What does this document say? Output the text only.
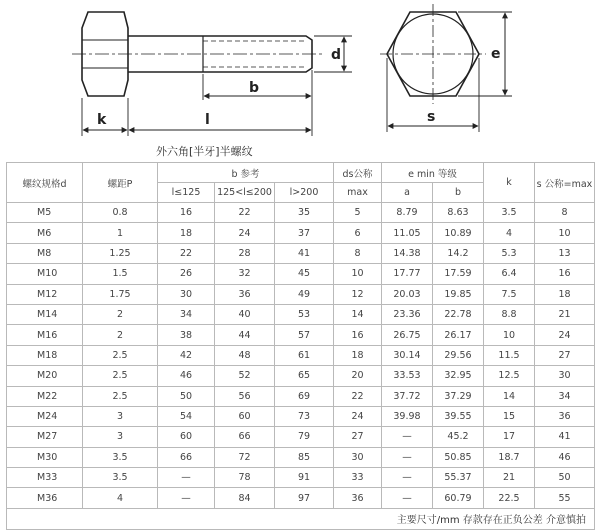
d
b
l
k
e
s
外六角[半牙]半螺纹
螺纹规格d	螺距P	b 参考			ds公称	e min 等级		k	s 公称=max
		l≤125	125<l≤200	l>200	max	a	b		
M5	0.8	16	22	35	5	8.79	8.63	3.5	8
M6	1	18	24	37	6	11.05	10.89	4	10
M8	1.25	22	28	41	8	14.38	14.2	5.3	13
M10	1.5	26	32	45	10	17.77	17.59	6.4	16
M12	1.75	30	36	49	12	20.03	19.85	7.5	18
M14	2	34	40	53	14	23.36	22.78	8.8	21
M16	2	38	44	57	16	26.75	26.17	10	24
M18	2.5	42	48	61	18	30.14	29.56	11.5	27
M20	2.5	46	52	65	20	33.53	32.95	12.5	30
M22	2.5	50	56	69	22	37.72	37.29	14	34
M24	3	54	60	73	24	39.98	39.55	15	36
M27	3	60	66	79	27	—	45.2	17	41
M30	3.5	66	72	85	30	—	50.85	18.7	46
M33	3.5	—	78	91	33	—	55.37	21	50
M36	4	—	84	97	36	—	60.79	22.5	55
主要尺寸/mm 存款存在正负公差 介意慎拍									
